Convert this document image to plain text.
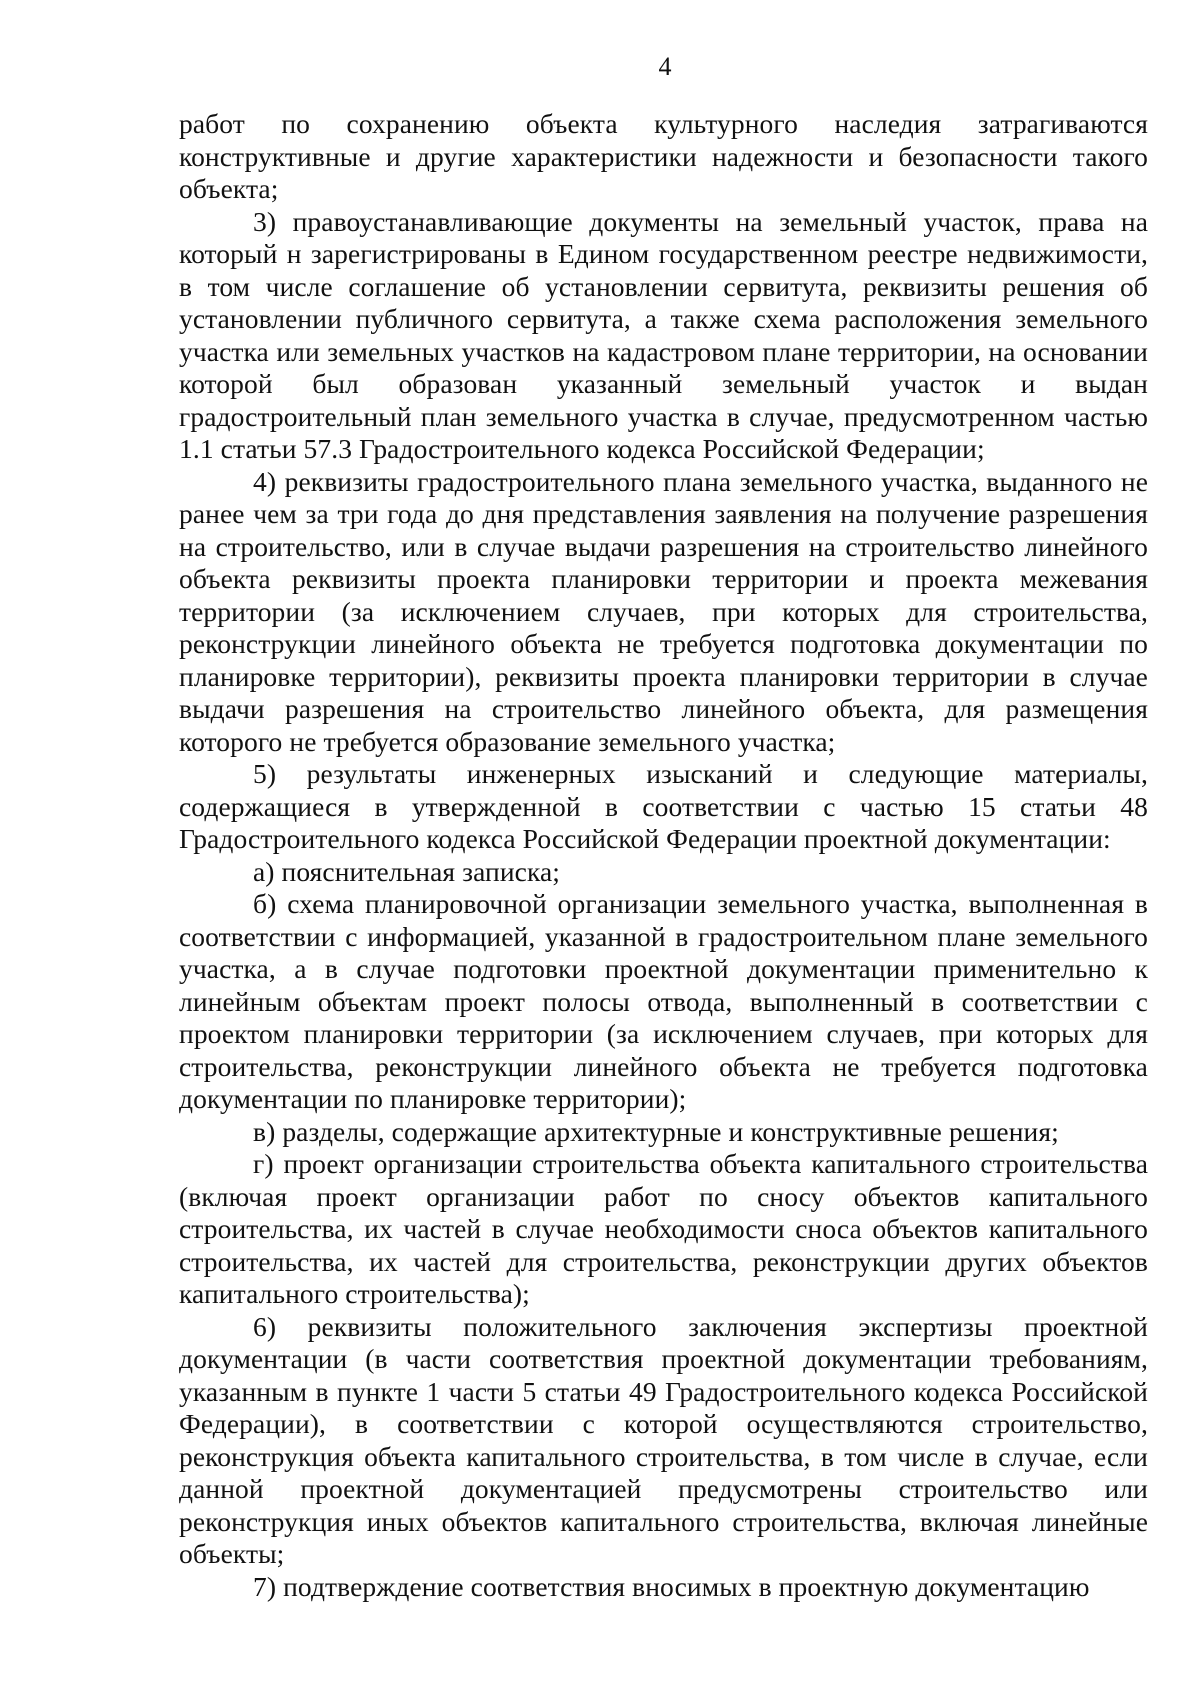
4

работ по сохранению объекта культурного наследия затрагиваются конструктивные и другие характеристики надежности и безопасности такого объекта;

3) правоустанавливающие документы на земельный участок, права на который н зарегистрированы в Едином государственном реестре недвижимости, в том числе соглашение об установлении сервитута, реквизиты решения об установлении публичного сервитута, а также схема расположения земельного участка или земельных участков на кадастровом плане территории, на основании которой был образован указанный земельный участок и выдан градостроительный план земельного участка в случае, предусмотренном частью 1.1 статьи 57.3 Градостроительного кодекса Российской Федерации;

4) реквизиты градостроительного плана земельного участка, выданного не ранее чем за три года до дня представления заявления на получение разрешения на строительство, или в случае выдачи разрешения на строительство линейного объекта реквизиты проекта планировки территории и проекта межевания территории (за исключением случаев, при которых для строительства, реконструкции линейного объекта не требуется подготовка документации по планировке территории), реквизиты проекта планировки территории в случае выдачи разрешения на строительство линейного объекта, для размещения которого не требуется образование земельного участка;

5) результаты инженерных изысканий и следующие материалы, содержащиеся в утвержденной в соответствии с частью 15 статьи 48 Градостроительного кодекса Российской Федерации проектной документации:

а) пояснительная записка;

б) схема планировочной организации земельного участка, выполненная в соответствии с информацией, указанной в градостроительном плане земельного участка, а в случае подготовки проектной документации применительно к линейным объектам проект полосы отвода, выполненный в соответствии с проектом планировки территории (за исключением случаев, при которых для строительства, реконструкции линейного объекта не требуется подготовка документации по планировке территории);

в) разделы, содержащие архитектурные и конструктивные решения;

г) проект организации строительства объекта капитального строительства (включая проект организации работ по сносу объектов капитального строительства, их частей в случае необходимости сноса объектов капитального строительства, их частей для строительства, реконструкции других объектов капитального строительства);

6) реквизиты положительного заключения экспертизы проектной документации (в части соответствия проектной документации требованиям, указанным в пункте 1 части 5 статьи 49 Градостроительного кодекса Российской Федерации), в соответствии с которой осуществляются строительство, реконструкция объекта капитального строительства, в том числе в случае, если данной проектной документацией предусмотрены строительство или реконструкция иных объектов капитального строительства, включая линейные объекты;

7) подтверждение соответствия вносимых в проектную документацию
